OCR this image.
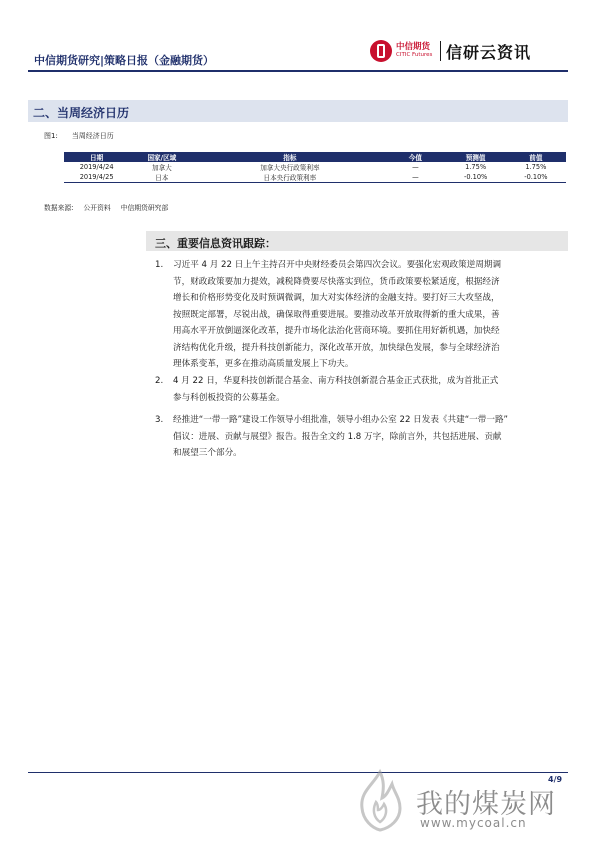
中信期货研究|策略日报（金融期货）
中信期货
CITIC Futures 信研云资讯
二、当周经济日历
图1: 当周经济日历
日期	国家/区域	指标	今值	预测值	前值
2019/4/24	加拿大	加拿大央行政策利率	—	1.75%	1.75%
2019/4/25	日本	日本央行政策利率	—	-0.10%	-0.10%
数据来源: 公开资料 中信期货研究部
三、重要信息资讯跟踪：
1. 习近平 4 月 22 日上午主持召开中央财经委员会第四次会议。要强化宏观政策逆周期调
节，财政政策要加力提效，减税降费要尽快落实到位，货币政策要松紧适度，根据经济
增长和价格形势变化及时预调微调，加大对实体经济的金融支持。要打好三大攻坚战，
按照既定部署，尽锐出战，确保取得重要进展。要推动改革开放取得新的重大成果，善
用高水平开放倒逼深化改革，提升市场化法治化营商环境。要抓住用好新机遇，加快经
济结构优化升级，提升科技创新能力，深化改革开放，加快绿色发展，参与全球经济治
理体系变革，更多在推动高质量发展上下功夫。
2. 4 月 22 日，华夏科技创新混合基金、南方科技创新混合基金正式获批，成为首批正式
参与科创板投资的公募基金。
3. 经推进“一带一路”建设工作领导小组批准，领导小组办公室 22 日发表《共建“一带一路”
倡议：进展、贡献与展望》报告。报告全文约 1.8 万字，除前言外，共包括进展、贡献
和展望三个部分。
4/9
我的煤炭网
www.mycoal.cn
